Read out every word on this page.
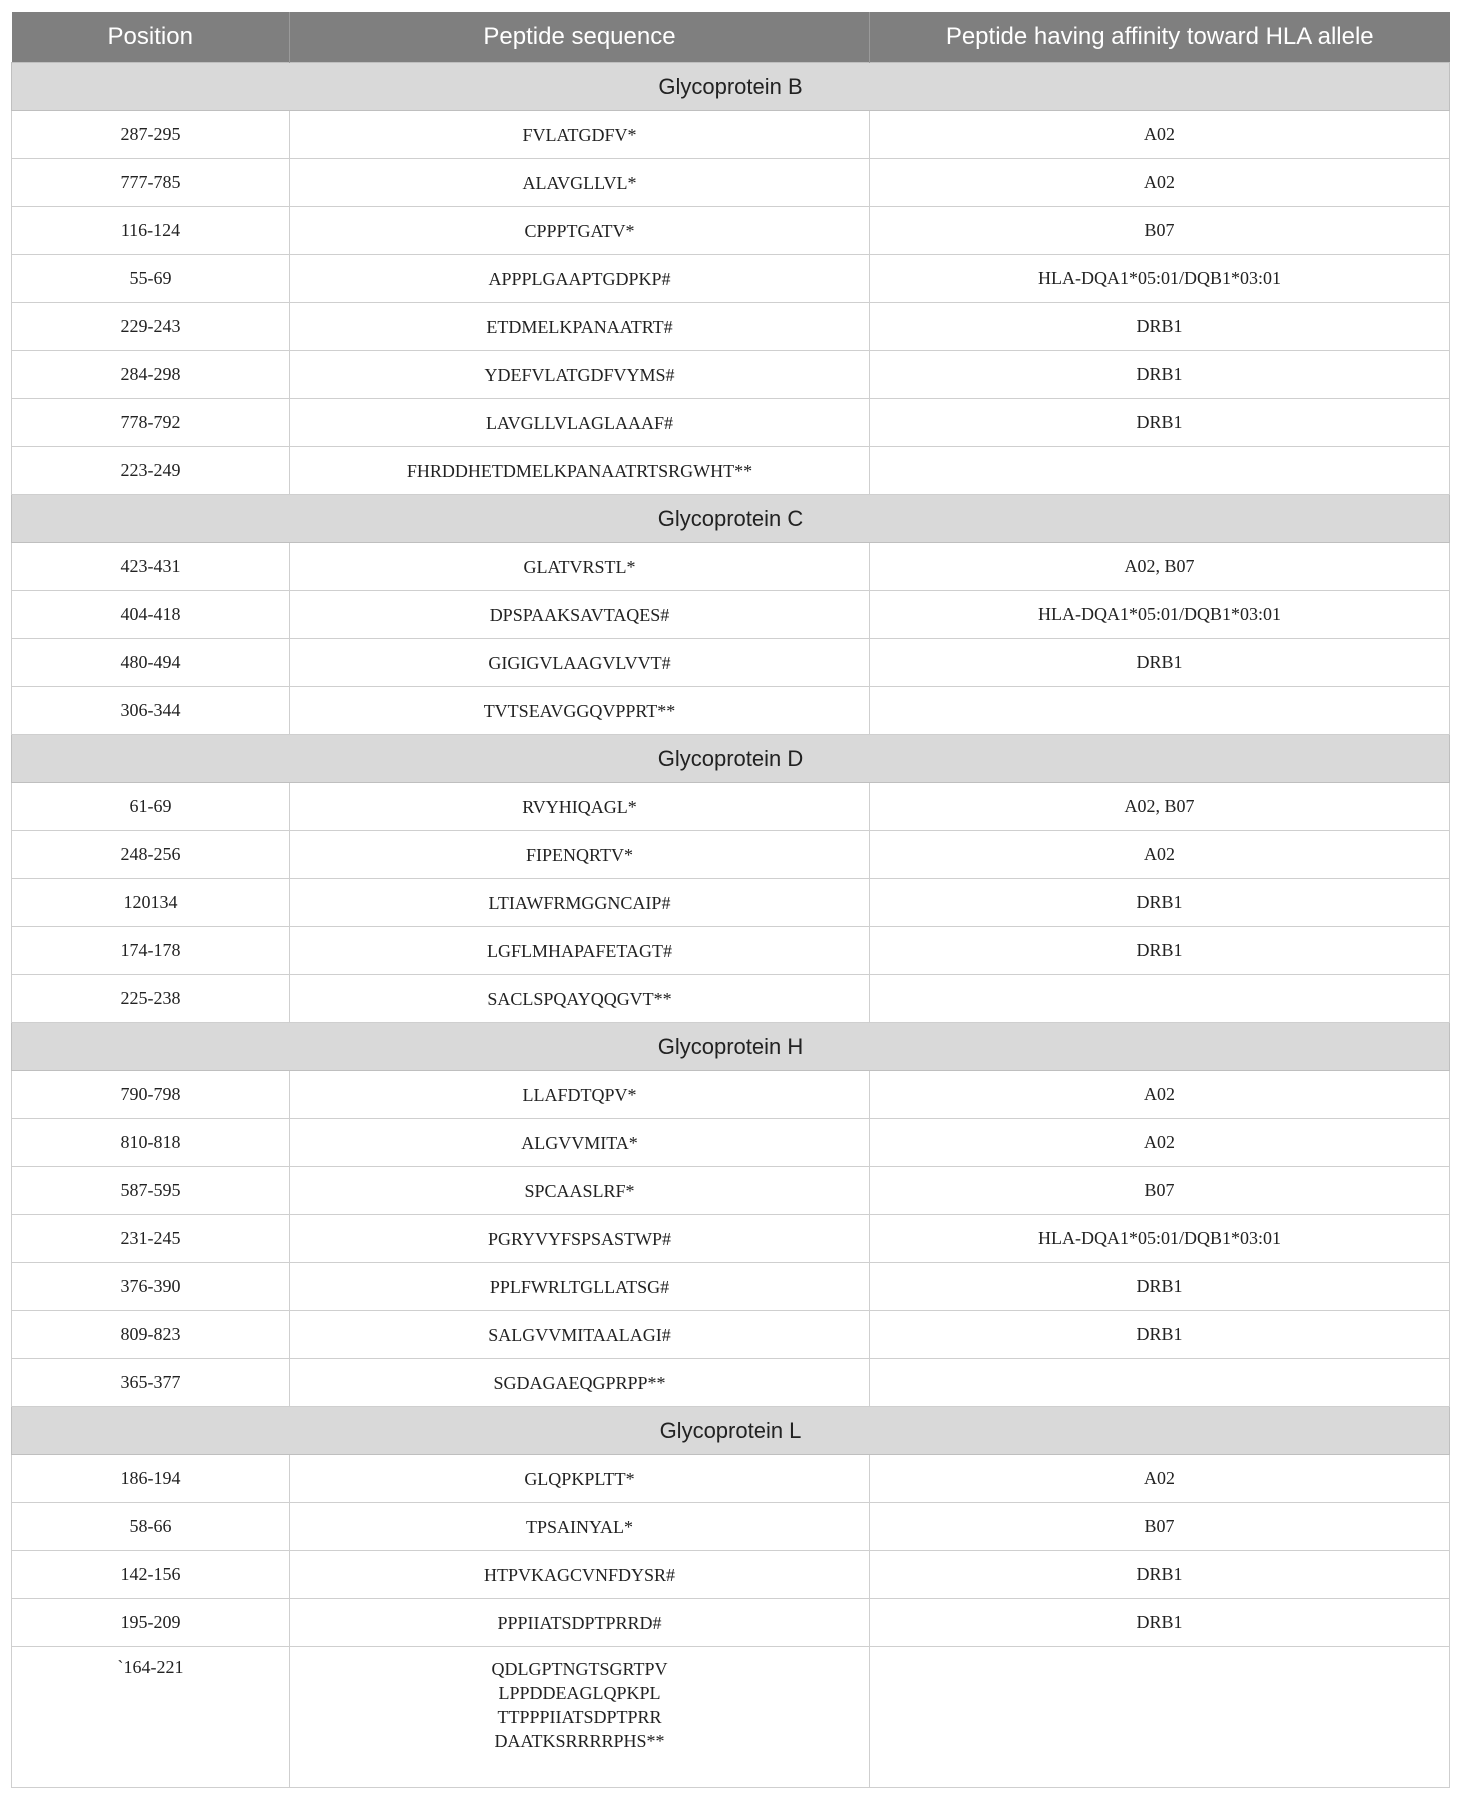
Position	Peptide sequence	Peptide having affinity toward HLA allele
Glycoprotein B		
287-295	FVLATGDFV*	A02
777-785	ALAVGLLVL*	A02
116-124	CPPPTGATV*	B07
55-69	APPPLGAAPTGDPKP#	HLA-DQA1*05:01/DQB1*03:01
229-243	ETDMELKPANAATRT#	DRB1
284-298	YDEFVLATGDFVYMS#	DRB1
778-792	LAVGLLVLAGLAAAF#	DRB1
223-249	FHRDDHETDMELKPANAATRTSRGWHT**	

Glycoprotein C		
423-431	GLATVRSTL*	A02, B07
404-418	DPSPAAKSAVTAQES#	HLA-DQA1*05:01/DQB1*03:01
480-494	GIGIGVLAAGVLVVT#	DRB1
306-344	TVTSEAVGGQVPPRT**	

Glycoprotein D		
61-69	RVYHIQAGL*	A02, B07
248-256	FIPENQRTV*	A02
120134	LTIAWFRMGGNCAIP#	DRB1
174-178	LGFLMHAPAFETAGT#	DRB1
225-238	SACLSPQAYQQGVT**	

Glycoprotein H		
790-798	LLAFDTQPV*	A02
810-818	ALGVVMITA*	A02
587-595	SPCAASLRF*	B07
231-245	PGRYVYFSPSASTWP#	HLA-DQA1*05:01/DQB1*03:01
376-390	PPLFWRLTGLLATSG#	DRB1
809-823	SALGVVMITAALAGI#	DRB1
365-377	SGDAGAEQGPRPP**	

Glycoprotein L		
186-194	GLQPKPLTT*	A02
58-66	TPSAINYAL*	B07
142-156	HTPVKAGCVNFDYSR#	DRB1
195-209	PPPIIATSDPTPRRD#	DRB1
`164-221	QDLGPTNGTSGRTPV
LPPDDEAGLQPKPL
TTPPPIIATSDPTPRR
DAATKSRRRRPHS**	
